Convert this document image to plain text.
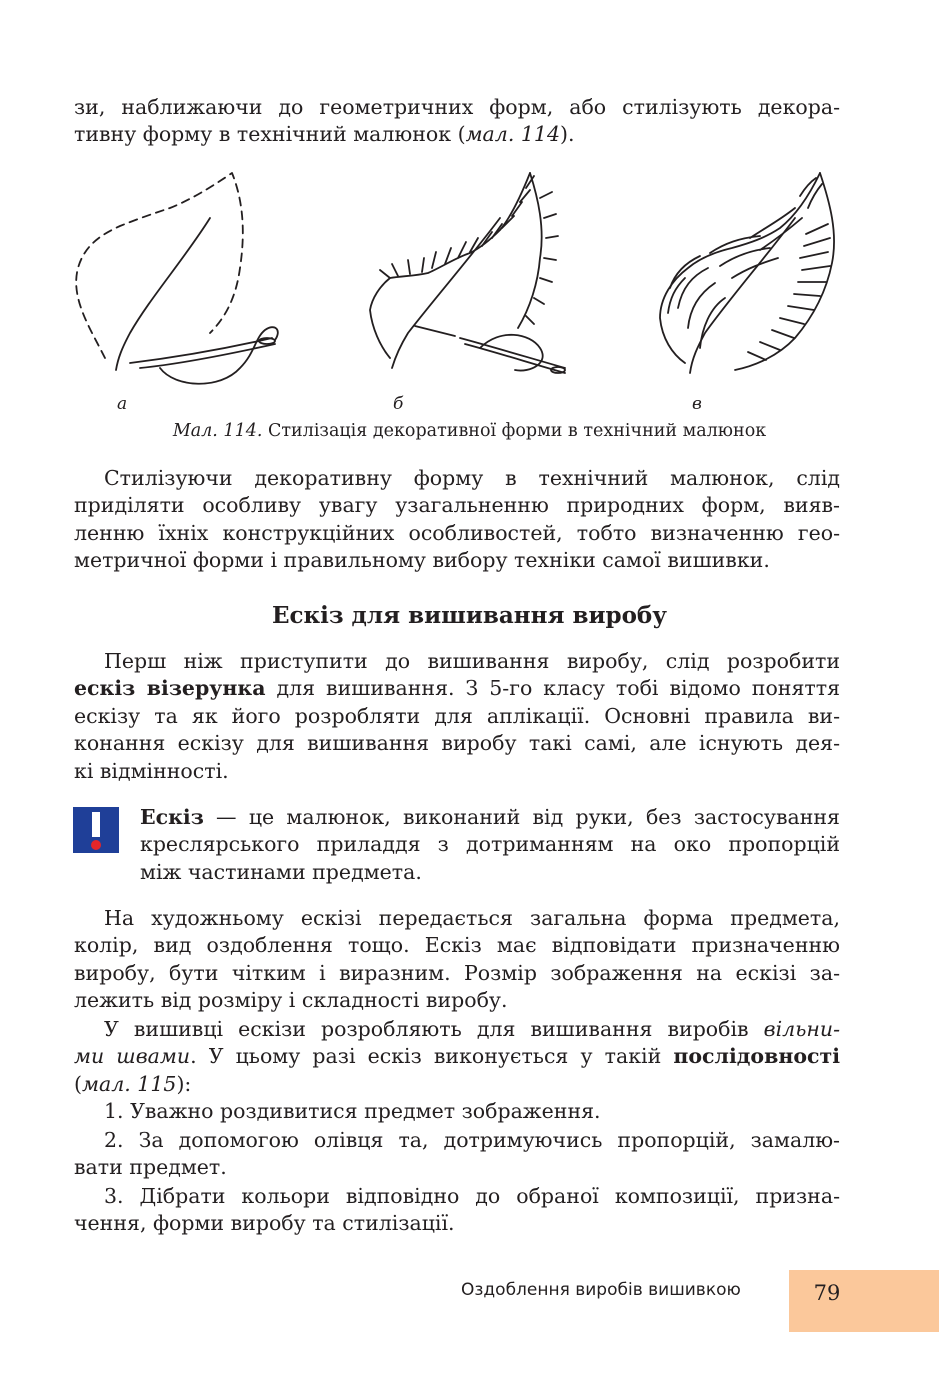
зи, наближаючи до геометричних форм, або стилізують декора-
тивну форму в технічний малюнок (мал. 114).
а	б	в
Мал. 114. Стилізація декоративної форми в технічний малюнок
Стилізуючи декоративну форму в технічний малюнок, слід
приділяти особливу увагу узагальненню природних форм, вияв-
ленню їхніх конструкційних особливостей, тобто визначенню гео-
метричної форми і правильному вибору техніки самої вишивки.
Ескіз для вишивання виробу
Перш ніж приступити до вишивання виробу, слід розробити
ескіз візерунка для вишивання. З 5-го класу тобі відомо поняття
ескізу та як його розробляти для аплікації. Основні правила ви-
конання ескізу для вишивання виробу такі самі, але існують дея-
кі відмінності.
Ескіз — це малюнок, виконаний від руки, без застосування
креслярського приладдя з дотриманням на око пропорцій
між частинами предмета.
На художньому ескізі передається загальна форма предмета,
колір, вид оздоблення тощо. Ескіз має відповідати призначенню
виробу, бути чітким і виразним. Розмір зображення на ескізі за-
лежить від розміру і складності виробу.
У вишивці ескізи розробляють для вишивання виробів вільни-
ми швами. У цьому разі ескіз виконується у такій послідовності
(мал. 115):
1. Уважно роздивитися предмет зображення.
2. За допомогою олівця та, дотримуючись пропорцій, замалю-
вати предмет.
3. Дібрати кольори відповідно до обраної композиції, призна-
чення, форми виробу та стилізації.
Оздоблення виробів вишивкою	79
